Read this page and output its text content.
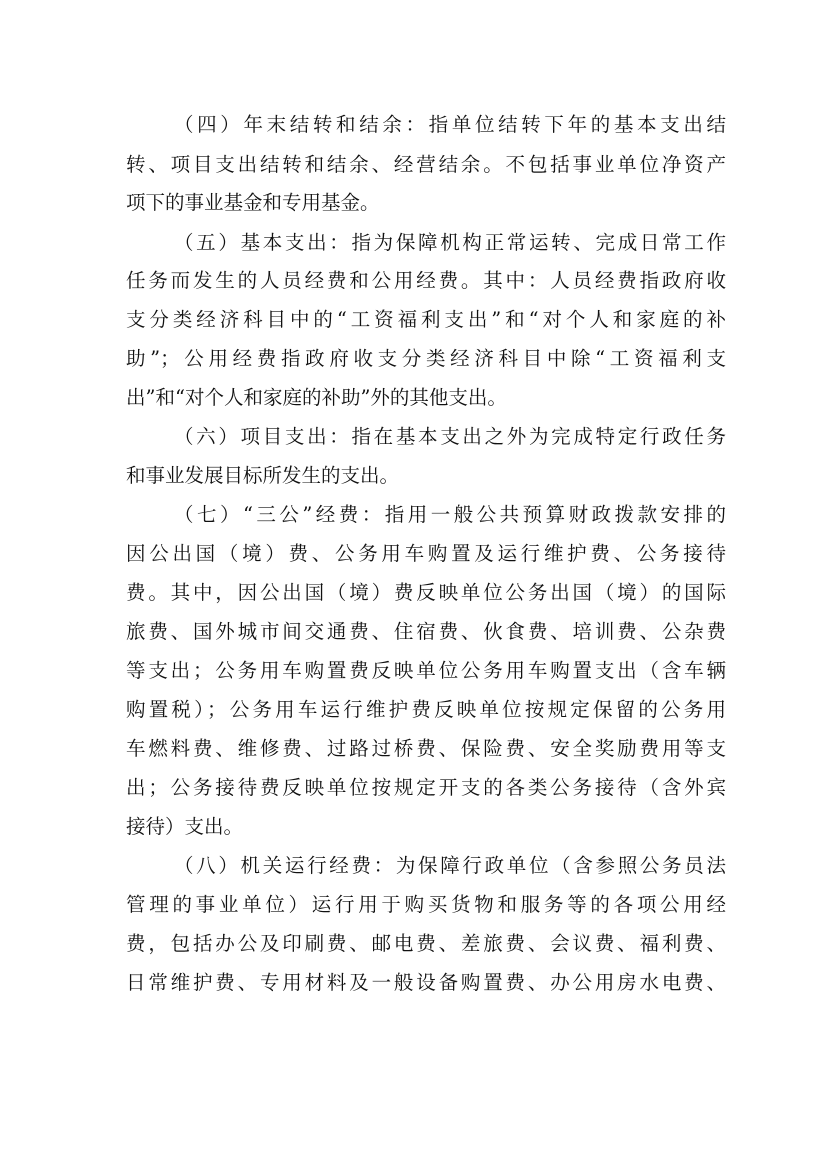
（四）年末结转和结余：指单位结转下年的基本支出结
转、项目支出结转和结余、经营结余。不包括事业单位净资产
项下的事业基金和专用基金。
（五）基本支出：指为保障机构正常运转、完成日常工作
任务而发生的人员经费和公用经费。其中：人员经费指政府收
支分类经济科目中的“工资福利支出”和“对个人和家庭的补
助”；公用经费指政府收支分类经济科目中除“工资福利支
出”和“对个人和家庭的补助”外的其他支出。
（六）项目支出：指在基本支出之外为完成特定行政任务
和事业发展目标所发生的支出。
（七）“三公”经费：指用一般公共预算财政拨款安排的
因公出国（境）费、公务用车购置及运行维护费、公务接待
费。其中，因公出国（境）费反映单位公务出国（境）的国际
旅费、国外城市间交通费、住宿费、伙食费、培训费、公杂费
等支出；公务用车购置费反映单位公务用车购置支出（含车辆
购置税）；公务用车运行维护费反映单位按规定保留的公务用
车燃料费、维修费、过路过桥费、保险费、安全奖励费用等支
出；公务接待费反映单位按规定开支的各类公务接待（含外宾
接待）支出。
（八）机关运行经费：为保障行政单位（含参照公务员法
管理的事业单位）运行用于购买货物和服务等的各项公用经
费，包括办公及印刷费、邮电费、差旅费、会议费、福利费、
日常维护费、专用材料及一般设备购置费、办公用房水电费、
